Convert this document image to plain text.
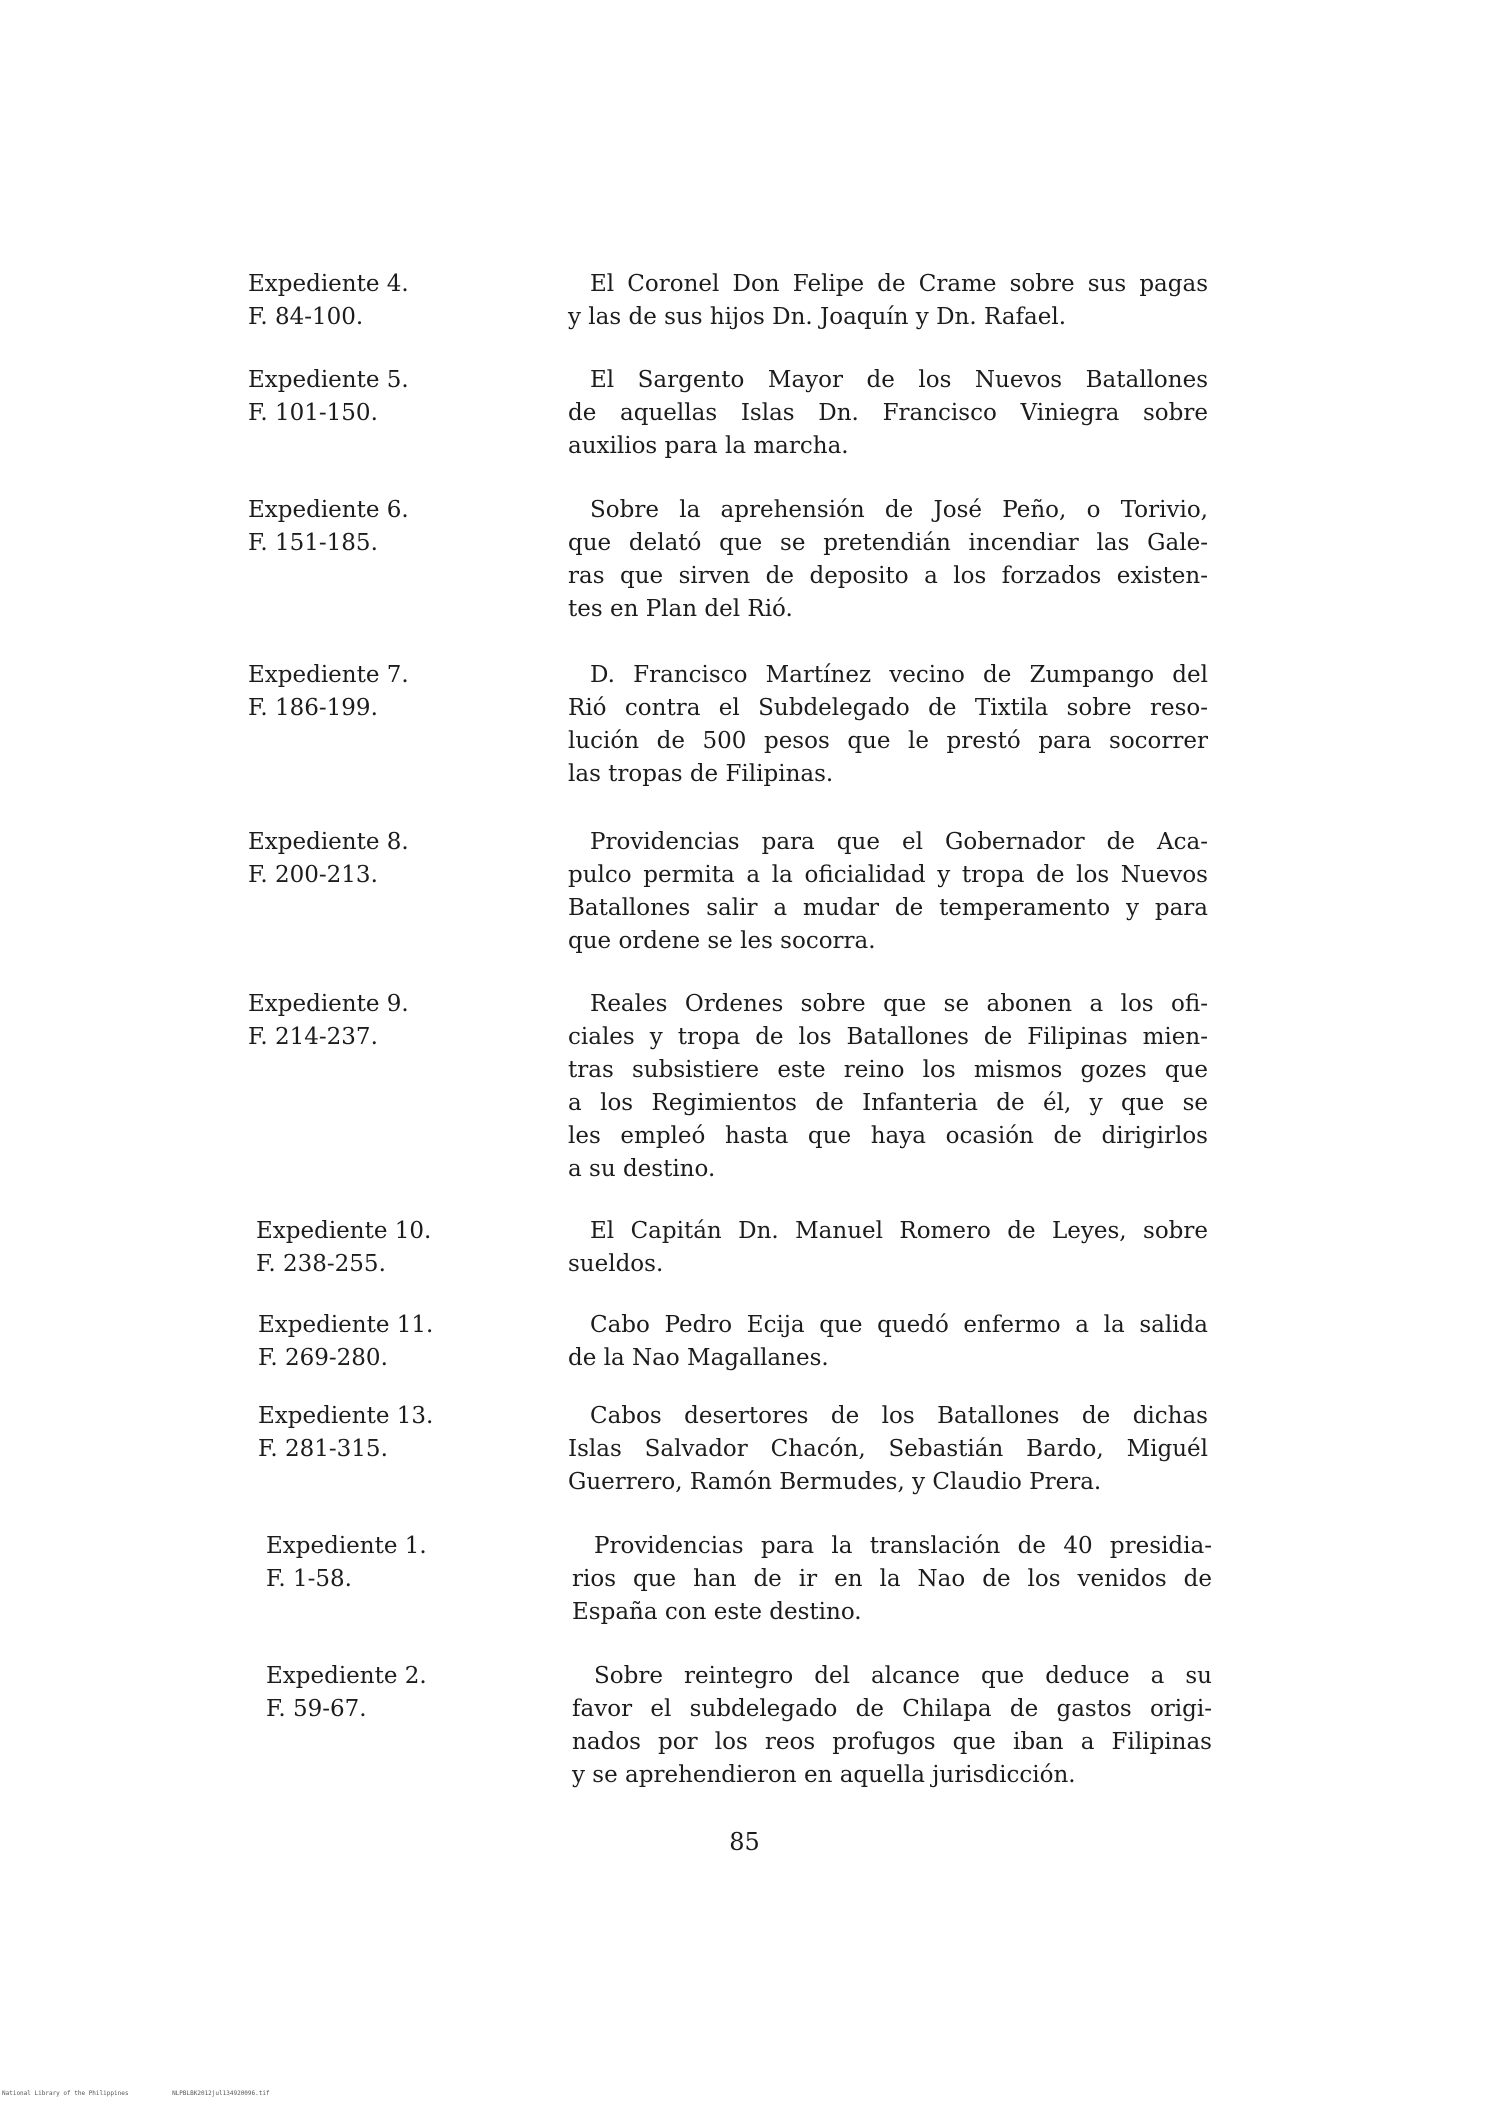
Expediente 4.
F. 84-100.
El Coronel Don Felipe de Crame sobre sus pagas
y las de sus hijos Dn. Joaquín y Dn. Rafael.
Expediente 5.
F. 101-150.
El Sargento Mayor de los Nuevos Batallones
de aquellas Islas Dn. Francisco Viniegra sobre
auxilios para la marcha.
Expediente 6.
F. 151-185.
Sobre la aprehensión de José Peño, o Torivio,
que delató que se pretendián incendiar las Gale-
ras que sirven de deposito a los forzados existen-
tes en Plan del Rió.
Expediente 7.
F. 186-199.
D. Francisco Martínez vecino de Zumpango del
Rió contra el Subdelegado de Tixtila sobre reso-
lución de 500 pesos que le prestó para socorrer
las tropas de Filipinas.
Expediente 8.
F. 200-213.
Providencias para que el Gobernador de Aca-
pulco permita a la oficialidad y tropa de los Nuevos
Batallones salir a mudar de temperamento y para
que ordene se les socorra.
Expediente 9.
F. 214-237.
Reales Ordenes sobre que se abonen a los ofi-
ciales y tropa de los Batallones de Filipinas mien-
tras subsistiere este reino los mismos gozes que
a los Regimientos de Infanteria de él, y que se
les empleó hasta que haya ocasión de dirigirlos
a su destino.
Expediente 10.
F. 238-255.
El Capitán Dn. Manuel Romero de Leyes, sobre
sueldos.
Expediente 11.
F. 269-280.
Cabo Pedro Ecija que quedó enfermo a la salida
de la Nao Magallanes.
Expediente 13.
F. 281-315.
Cabos desertores de los Batallones de dichas
Islas Salvador Chacón, Sebastián Bardo, Miguél
Guerrero, Ramón Bermudes, y Claudio Prera.
Expediente 1.
F. 1-58.
Providencias para la translación de 40 presidia-
rios que han de ir en la Nao de los venidos de
España con este destino.
Expediente 2.
F. 59-67.
Sobre reintegro del alcance que deduce a su
favor el subdelegado de Chilapa de gastos origi-
nados por los reos profugos que iban a Filipinas
y se aprehendieron en aquella jurisdicción.
85
National Library of the Philippines	NLPBLBK2012jul134920096.tif
